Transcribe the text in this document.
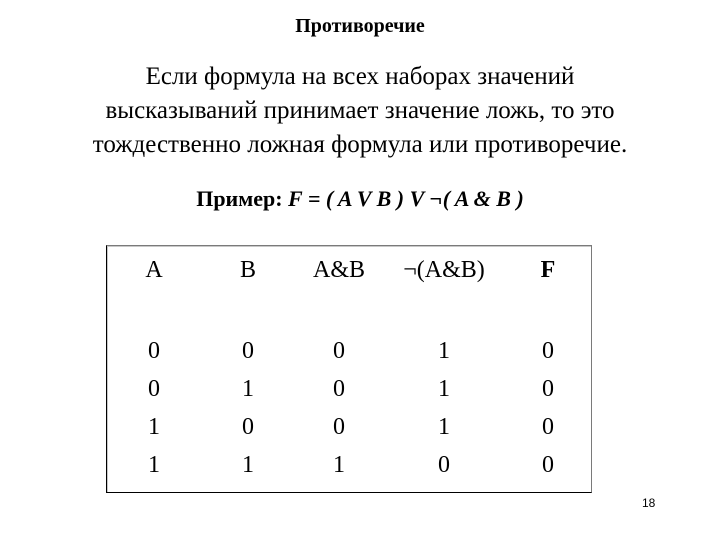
Противоречие
Если формула на всех наборах значений
высказываний принимает значение ложь, то это
тождественно ложная формула или противоречие.
Пример: F = ( A V B ) V ¬( A & B )
A	B	A&B	¬(A&B)	F

0	0	0	1	0
0	1	0	1	0
1	0	0	1	0
1	1	1	0	0
18
